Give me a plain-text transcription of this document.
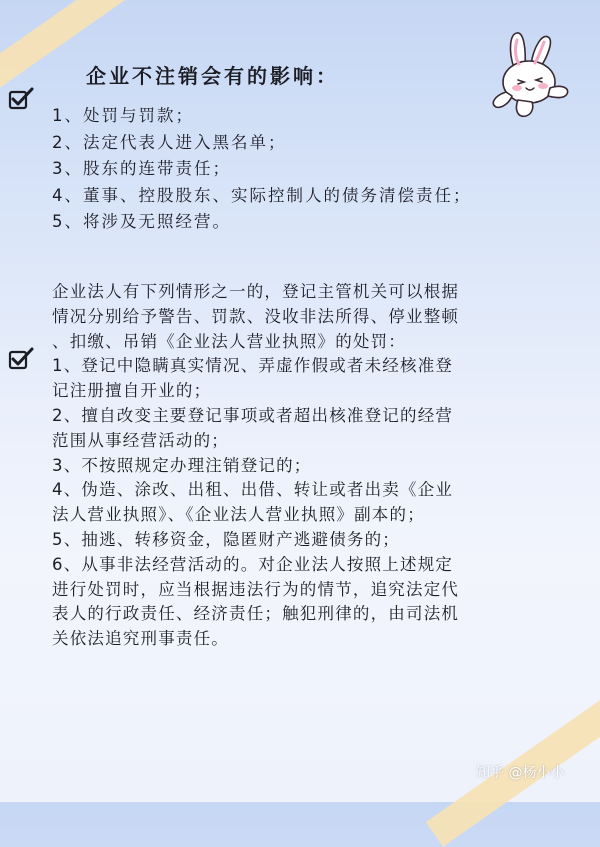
企业不注销会有的影响：
1、处罚与罚款；
2、法定代表人进入黑名单；
3、股东的连带责任；
4、董事、控股股东、实际控制人的债务清偿责任；
5、将涉及无照经营。

企业法人有下列情形之一的，登记主管机关可以根据

情况分别给予警告、罚款、没收非法所得、停业整顿

、扣缴、吊销《企业法人营业执照》的处罚：

1、登记中隐瞒真实情况、弄虚作假或者未经核准登

记注册擅自开业的；

2、擅自改变主要登记事项或者超出核准登记的经营

范围从事经营活动的；

3、不按照规定办理注销登记的；

4、伪造、涂改、出租、出借、转让或者出卖《企业

法人营业执照》、《企业法人营业执照》副本的；

5、抽逃、转移资金，隐匿财产逃避债务的；

6、从事非法经营活动的。对企业法人按照上述规定

进行处罚时，应当根据违法行为的情节，追究法定代

表人的行政责任、经济责任；触犯刑律的，由司法机

关依法追究刑事责任。

知乎 @杨小小
